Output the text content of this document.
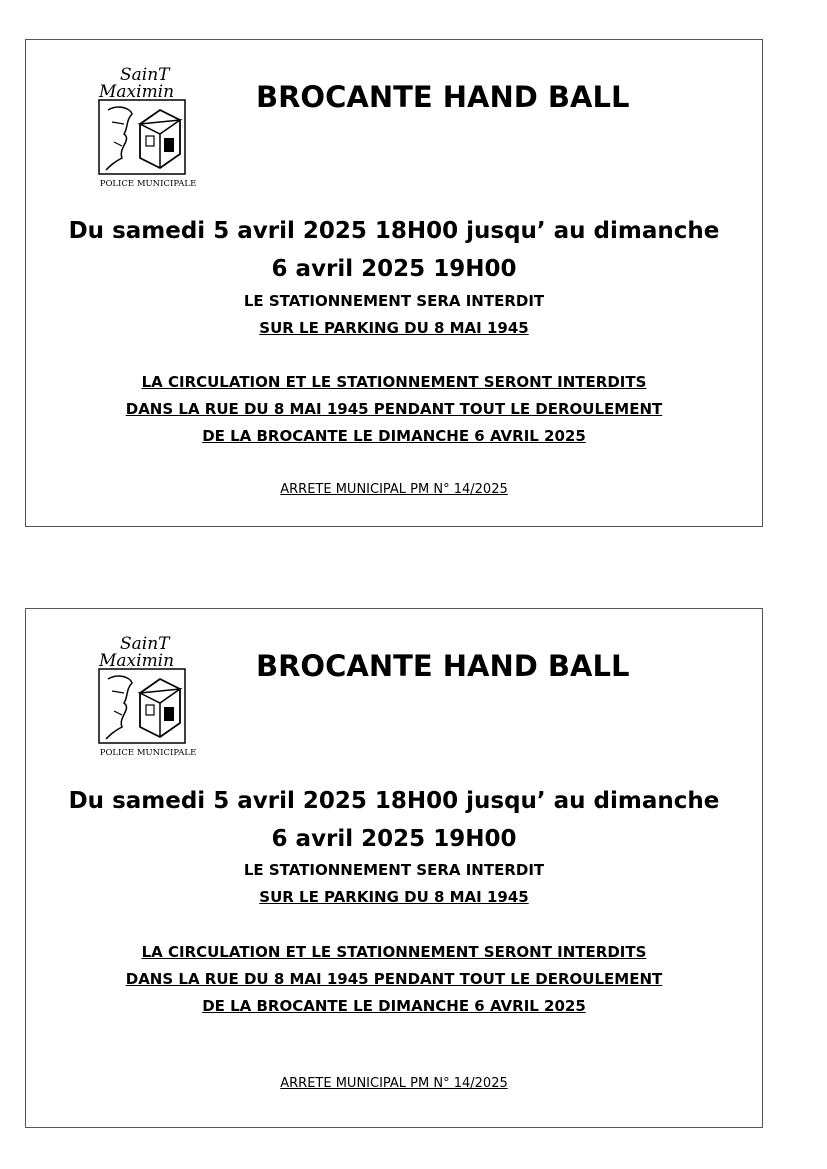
SainT
Maximin
POLICE MUNICIPALE
BROCANTE HAND BALL
Du samedi 5 avril 2025 18H00 jusqu’ au dimanche
6 avril 2025 19H00
LE STATIONNEMENT SERA INTERDIT
SUR LE PARKING DU 8 MAI 1945
LA CIRCULATION ET LE STATIONNEMENT SERONT INTERDITS
DANS LA RUE DU 8 MAI 1945 PENDANT TOUT LE DEROULEMENT
DE LA BROCANTE LE DIMANCHE 6 AVRIL 2025
ARRETE MUNICIPAL PM N° 14/2025
SainT
Maximin
POLICE MUNICIPALE
BROCANTE HAND BALL
Du samedi 5 avril 2025 18H00 jusqu’ au dimanche
6 avril 2025 19H00
LE STATIONNEMENT SERA INTERDIT
SUR LE PARKING DU 8 MAI 1945
LA CIRCULATION ET LE STATIONNEMENT SERONT INTERDITS
DANS LA RUE DU 8 MAI 1945 PENDANT TOUT LE DEROULEMENT
DE LA BROCANTE LE DIMANCHE 6 AVRIL 2025
ARRETE MUNICIPAL PM N° 14/2025
